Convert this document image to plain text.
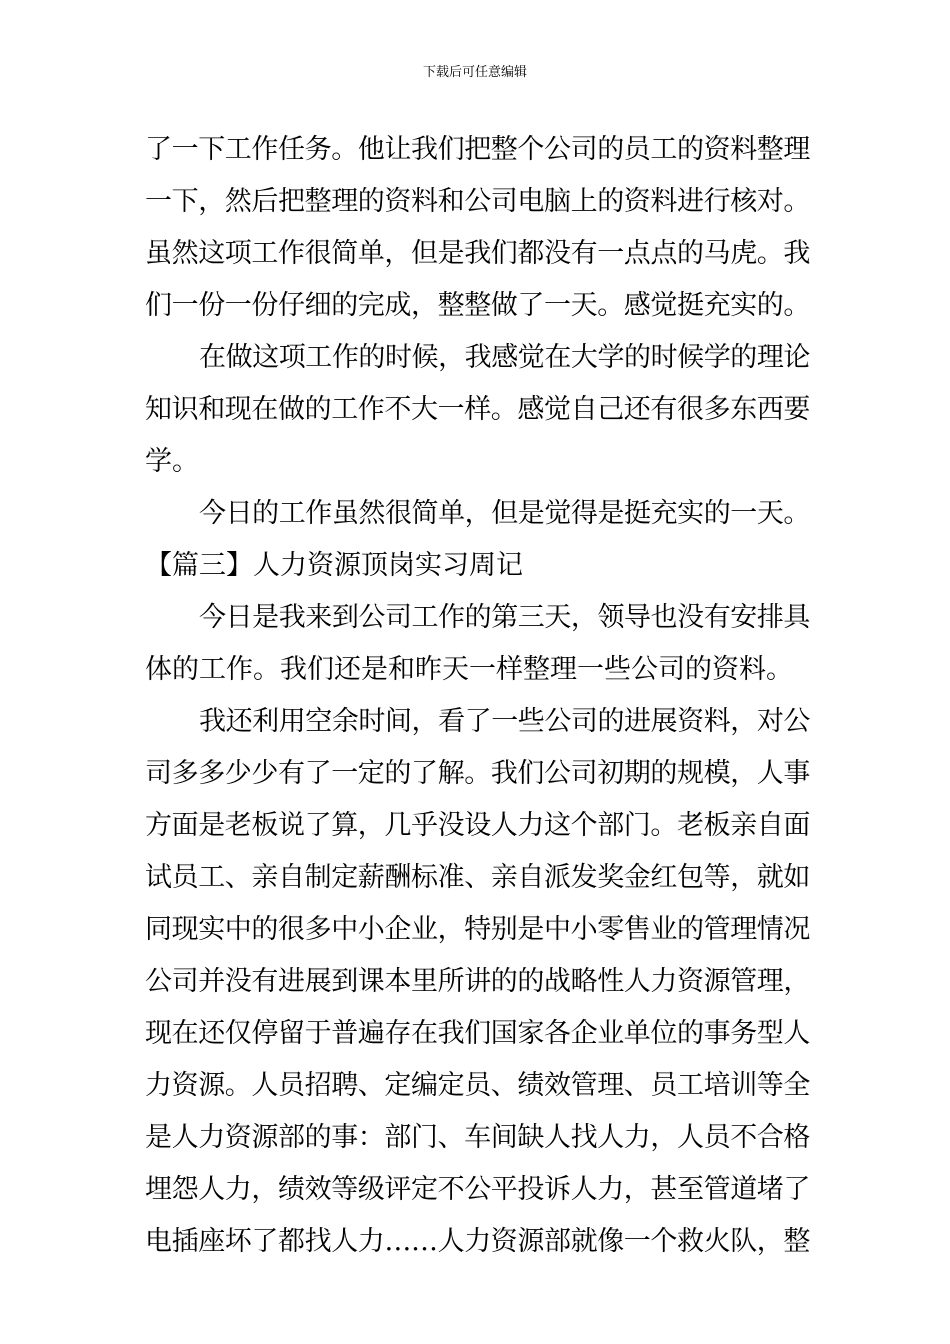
下载后可任意编辑
了一下工作任务。他让我们把整个公司的员工的资料整理
一下，然后把整理的资料和公司电脑上的资料进行核对。
虽然这项工作很简单，但是我们都没有一点点的马虎。我
们一份一份仔细的完成，整整做了一天。感觉挺充实的。
在做这项工作的时候，我感觉在大学的时候学的理论
知识和现在做的工作不大一样。感觉自己还有很多东西要
学。
今日的工作虽然很简单，但是觉得是挺充实的一天。
【篇三】人力资源顶岗实习周记
今日是我来到公司工作的第三天，领导也没有安排具
体的工作。我们还是和昨天一样整理一些公司的资料。
我还利用空余时间，看了一些公司的进展资料，对公
司多多少少有了一定的了解。我们公司初期的规模，人事
方面是老板说了算，几乎没设人力这个部门。老板亲自面
试员工、亲自制定薪酬标准、亲自派发奖金红包等，就如
同现实中的很多中小企业，特别是中小零售业的管理情况
公司并没有进展到课本里所讲的的战略性人力资源管理，
现在还仅停留于普遍存在我们国家各企业单位的事务型人
力资源。人员招聘、定编定员、绩效管理、员工培训等全
是人力资源部的事：部门、车间缺人找人力，人员不合格
埋怨人力，绩效等级评定不公平投诉人力，甚至管道堵了
电插座坏了都找人力……人力资源部就像一个救火队，整
